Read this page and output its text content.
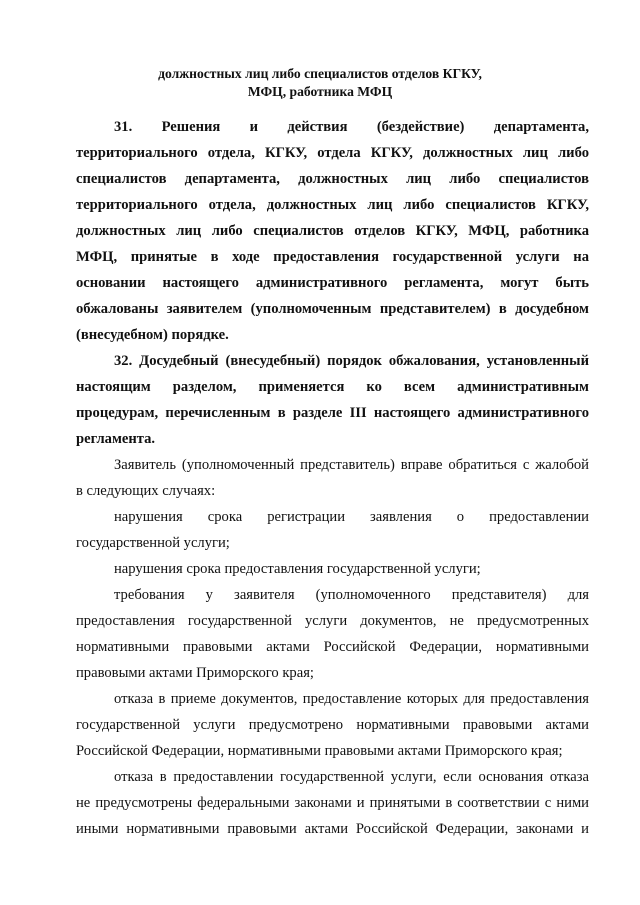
должностных лиц либо специалистов отделов КГКУ,
МФЦ, работника МФЦ
31. Решения и действия (бездействие) департамента,
территориального отдела, КГКУ, отдела КГКУ, должностных лиц либо
специалистов департамента, должностных лиц либо специалистов
территориального отдела, должностных лиц либо специалистов КГКУ,
должностных лиц либо специалистов отделов КГКУ, МФЦ, работника
МФЦ, принятые в ходе предоставления государственной услуги на
основании настоящего административного регламента, могут быть
обжалованы заявителем (уполномоченным представителем) в досудебном
(внесудебном) порядке.
32. Досудебный (внесудебный) порядок обжалования, установленный
настоящим разделом, применяется ко всем административным
процедурам, перечисленным в разделе III настоящего административного
регламента.
Заявитель (уполномоченный представитель) вправе обратиться с жалобой
в следующих случаях:
нарушения срока регистрации заявления о предоставлении
государственной услуги;
нарушения срока предоставления государственной услуги;
требования у заявителя (уполномоченного представителя) для
предоставления государственной услуги документов, не предусмотренных
нормативными правовыми актами Российской Федерации, нормативными
правовыми актами Приморского края;
отказа в приеме документов, предоставление которых для предоставления
государственной услуги предусмотрено нормативными правовыми актами
Российской Федерации, нормативными правовыми актами Приморского края;
отказа в предоставлении государственной услуги, если основания отказа
не предусмотрены федеральными законами и принятыми в соответствии с ними
иными нормативными правовыми актами Российской Федерации, законами и
